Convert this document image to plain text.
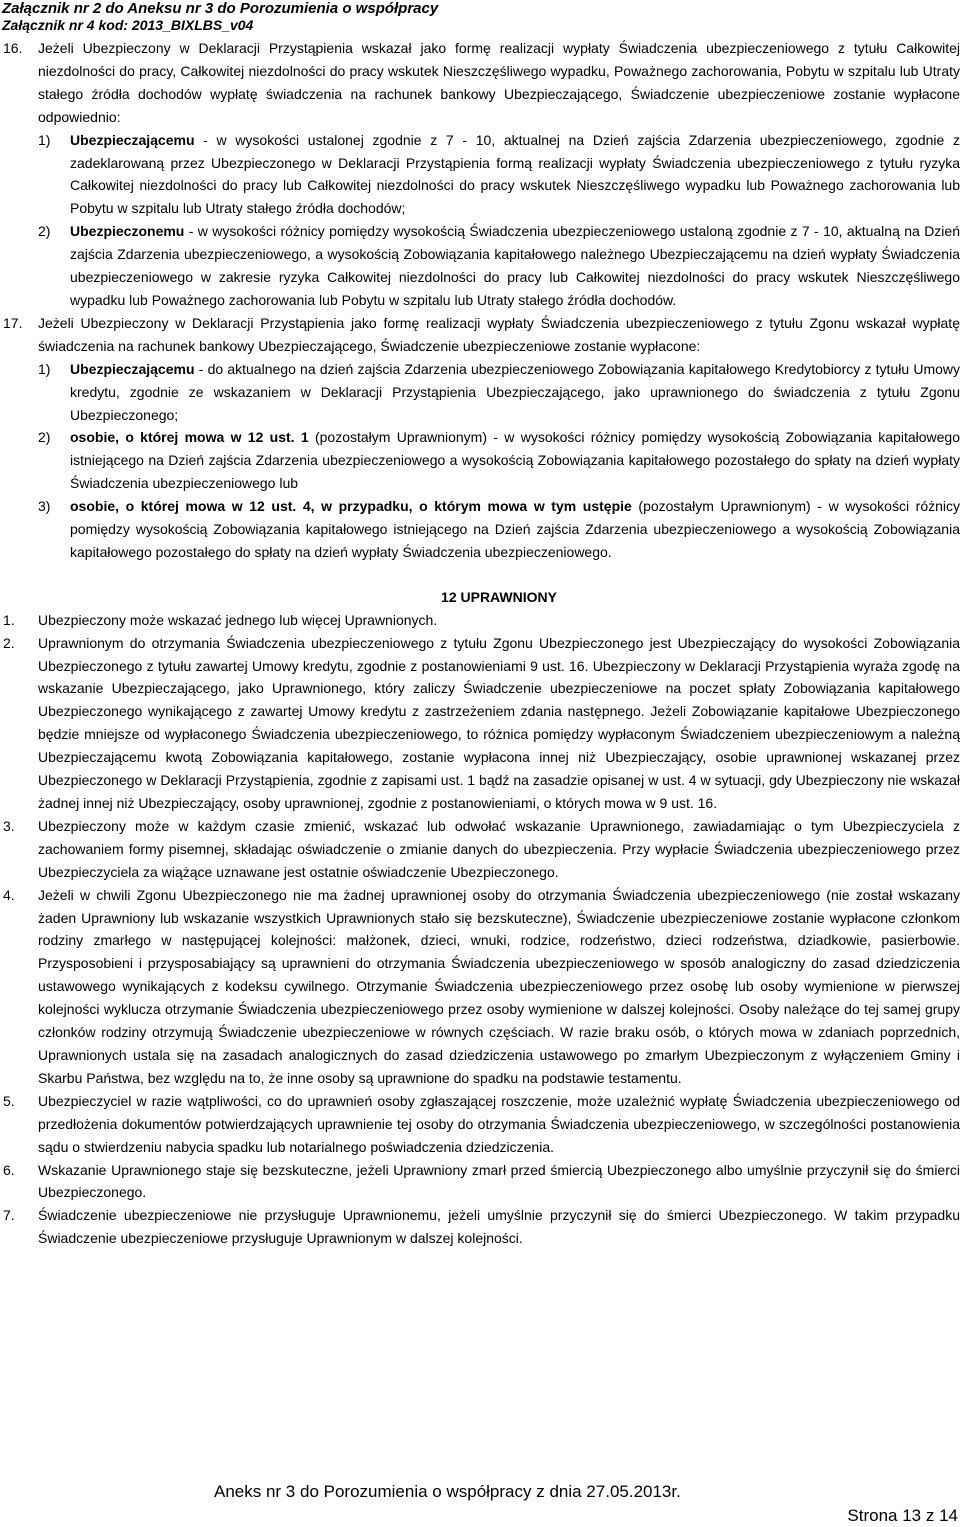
Załącznik nr 2 do Aneksu nr 3 do Porozumienia o współpracy
Załącznik nr 4 kod: 2013_BIXLBS_v04
16. Jeżeli Ubezpieczony w Deklaracji Przystąpienia wskazał jako formę realizacji wypłaty Świadczenia ubezpieczeniowego z tytułu Całkowitej niezdolności do pracy, Całkowitej niezdolności do pracy wskutek Nieszczęśliwego wypadku, Poważnego zachorowania, Pobytu w szpitalu lub Utraty stałego źródła dochodów wypłatę świadczenia na rachunek bankowy Ubezpieczającego, Świadczenie ubezpieczeniowe zostanie wypłacone odpowiednio:
1) Ubezpieczającemu - w wysokości ustalonej zgodnie z 7 - 10, aktualnej na Dzień zajścia Zdarzenia ubezpieczeniowego, zgodnie z zadeklarowaną przez Ubezpieczonego w Deklaracji Przystąpienia formą realizacji wypłaty Świadczenia ubezpieczeniowego z tytułu ryzyka Całkowitej niezdolności do pracy lub Całkowitej niezdolności do pracy wskutek Nieszczęśliwego wypadku lub Poważnego zachorowania lub Pobytu w szpitalu lub Utraty stałego źródła dochodów;
2) Ubezpieczonemu - w wysokości różnicy pomiędzy wysokością Świadczenia ubezpieczeniowego ustaloną zgodnie z 7 - 10, aktualną na Dzień zajścia Zdarzenia ubezpieczeniowego, a wysokością Zobowiązania kapitałowego należnego Ubezpieczającemu na dzień wypłaty Świadczenia ubezpieczeniowego w zakresie ryzyka Całkowitej niezdolności do pracy lub Całkowitej niezdolności do pracy wskutek Nieszczęśliwego wypadku lub Poważnego zachorowania lub Pobytu w szpitalu lub Utraty stałego źródła dochodów.
17. Jeżeli Ubezpieczony w Deklaracji Przystąpienia jako formę realizacji wypłaty Świadczenia ubezpieczeniowego z tytułu Zgonu wskazał wypłatę świadczenia na rachunek bankowy Ubezpieczającego, Świadczenie ubezpieczeniowe zostanie wypłacone:
1) Ubezpieczającemu - do aktualnego na dzień zajścia Zdarzenia ubezpieczeniowego Zobowiązania kapitałowego Kredytobiorcy z tytułu Umowy kredytu, zgodnie ze wskazaniem w Deklaracji Przystąpienia Ubezpieczającego, jako uprawnionego do świadczenia z tytułu Zgonu Ubezpieczonego;
2) osobie, o której mowa w 12 ust. 1 (pozostałym Uprawnionym) - w wysokości różnicy pomiędzy wysokością Zobowiązania kapitałowego istniejącego na Dzień zajścia Zdarzenia ubezpieczeniowego a wysokością Zobowiązania kapitałowego pozostałego do spłaty na dzień wypłaty Świadczenia ubezpieczeniowego lub
3) osobie, o której mowa w 12 ust. 4, w przypadku, o którym mowa w tym ustępie (pozostałym Uprawnionym) - w wysokości różnicy pomiędzy wysokością Zobowiązania kapitałowego istniejącego na Dzień zajścia Zdarzenia ubezpieczeniowego a wysokością Zobowiązania kapitałowego pozostałego do spłaty na dzień wypłaty Świadczenia ubezpieczeniowego.
12 UPRAWNIONY
1. Ubezpieczony może wskazać jednego lub więcej Uprawnionych.
2. Uprawnionym do otrzymania Świadczenia ubezpieczeniowego z tytułu Zgonu Ubezpieczonego jest Ubezpieczający do wysokości Zobowiązania Ubezpieczonego z tytułu zawartej Umowy kredytu, zgodnie z postanowieniami 9 ust. 16. Ubezpieczony w Deklaracji Przystąpienia wyraża zgodę na wskazanie Ubezpieczającego, jako Uprawnionego, który zaliczy Świadczenie ubezpieczeniowe na poczet spłaty Zobowiązania kapitałowego Ubezpieczonego wynikającego z zawartej Umowy kredytu z zastrzeżeniem zdania następnego. Jeżeli Zobowiązanie kapitałowe Ubezpieczonego będzie mniejsze od wypłaconego Świadczenia ubezpieczeniowego, to różnica pomiędzy wypłaconym Świadczeniem ubezpieczeniowym a należną Ubezpieczającemu kwotą Zobowiązania kapitałowego, zostanie wypłacona innej niż Ubezpieczający, osobie uprawnionej wskazanej przez Ubezpieczonego w Deklaracji Przystąpienia, zgodnie z zapisami ust. 1 bądź na zasadzie opisanej w ust. 4 w sytuacji, gdy Ubezpieczony nie wskazał żadnej innej niż Ubezpieczający, osoby uprawnionej, zgodnie z postanowieniami, o których mowa w 9 ust. 16.
3. Ubezpieczony może w każdym czasie zmienić, wskazać lub odwołać wskazanie Uprawnionego, zawiadamiając o tym Ubezpieczyciela z zachowaniem formy pisemnej, składając oświadczenie o zmianie danych do ubezpieczenia. Przy wypłacie Świadczenia ubezpieczeniowego przez Ubezpieczyciela za wiążące uznawane jest ostatnie oświadczenie Ubezpieczonego.
4. Jeżeli w chwili Zgonu Ubezpieczonego nie ma żadnej uprawnionej osoby do otrzymania Świadczenia ubezpieczeniowego (nie został wskazany żaden Uprawniony lub wskazanie wszystkich Uprawnionych stało się bezskuteczne), Świadczenie ubezpieczeniowe zostanie wypłacone członkom rodziny zmarłego w następującej kolejności: małżonek, dzieci, wnuki, rodzice, rodzeństwo, dzieci rodzeństwa, dziadkowie, pasierbowie. Przysposobieni i przysposabiający są uprawnieni do otrzymania Świadczenia ubezpieczeniowego w sposób analogiczny do zasad dziedziczenia ustawowego wynikających z kodeksu cywilnego. Otrzymanie Świadczenia ubezpieczeniowego przez osobę lub osoby wymienione w pierwszej kolejności wyklucza otrzymanie Świadczenia ubezpieczeniowego przez osoby wymienione w dalszej kolejności. Osoby należące do tej samej grupy członków rodziny otrzymują Świadczenie ubezpieczeniowe w równych częściach. W razie braku osób, o których mowa w zdaniach poprzednich, Uprawnionych ustala się na zasadach analogicznych do zasad dziedziczenia ustawowego po zmarłym Ubezpieczonym z wyłączeniem Gminy i Skarbu Państwa, bez względu na to, że inne osoby są uprawnione do spadku na podstawie testamentu.
5. Ubezpieczyciel w razie wątpliwości, co do uprawnień osoby zgłaszającej roszczenie, może uzależnić wypłatę Świadczenia ubezpieczeniowego od przedłożenia dokumentów potwierdzających uprawnienie tej osoby do otrzymania Świadczenia ubezpieczeniowego, w szczególności postanowienia sądu o stwierdzeniu nabycia spadku lub notarialnego poświadczenia dziedziczenia.
6. Wskazanie Uprawnionego staje się bezskuteczne, jeżeli Uprawniony zmarł przed śmiercią Ubezpieczonego albo umyślnie przyczynił się do śmierci Ubezpieczonego.
7. Świadczenie ubezpieczeniowe nie przysługuje Uprawnionemu, jeżeli umyślnie przyczynił się do śmierci Ubezpieczonego. W takim przypadku Świadczenie ubezpieczeniowe przysługuje Uprawnionym w dalszej kolejności.
Aneks nr 3 do Porozumienia o współpracy z dnia 27.05.2013r.
Strona 13 z 14
